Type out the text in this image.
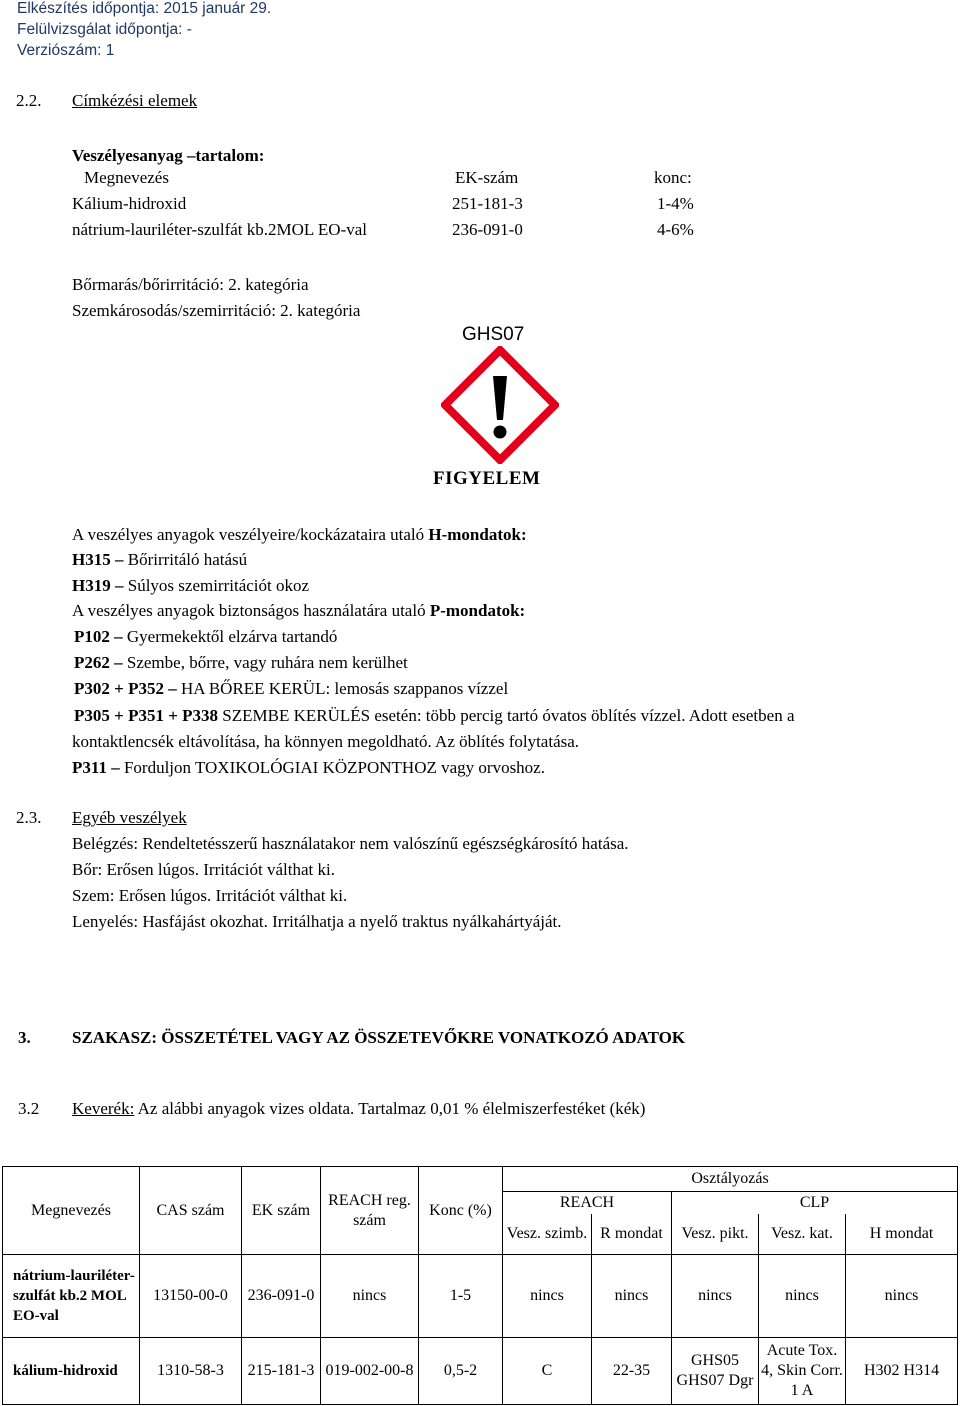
Elkészítés időpontja: 2015 január 29.
Felülvizsgálat időpontja: -
Verziószám: 1
2.2. Címkézési elemek
Veszélyesanyag –tartalom:
Megnevezés	EK-szám	konc:
Kálium-hidroxid	251-181-3	1-4%
nátrium-lauriléter-szulfát kb.2MOL EO-val	236-091-0	4-6%
Bőrmarás/bőrirritáció: 2. kategória
Szemkárosodás/szemirritáció: 2. kategória
GHS07
FIGYELEM
A veszélyes anyagok veszélyeire/kockázataira utaló H-mondatok:
H315 – Bőrirritáló hatású
H319 – Súlyos szemirritációt okoz
A veszélyes anyagok biztonságos használatára utaló P-mondatok:
P102 – Gyermekektől elzárva tartandó
P262 – Szembe, bőrre, vagy ruhára nem kerülhet
P302 + P352 – HA BŐREE KERÜL: lemosás szappanos vízzel
P305 + P351 + P338 SZEMBE KERÜLÉS esetén: több percig tartó óvatos öblítés vízzel. Adott esetben a
kontaktlencsék eltávolítása, ha könnyen megoldható. Az öblítés folytatása.
P311 – Forduljon TOXIKOLÓGIAI KÖZPONTHOZ vagy orvoshoz.
2.3. Egyéb veszélyek
Belégzés: Rendeltetésszerű használatakor nem valószínű egészségkárosító hatása.
Bőr: Erősen lúgos. Irritációt válthat ki.
Szem: Erősen lúgos. Irritációt válthat ki.
Lenyelés: Hasfájást okozhat. Irritálhatja a nyelő traktus nyálkahártyáját.
3. SZAKASZ: ÖSSZETÉTEL VAGY AZ ÖSSZETEVŐKRE VONATKOZÓ ADATOK
3.2 Keverék: Az alábbi anyagok vizes oldata. Tartalmaz 0,01 % élelmiszerfestéket (kék)
Megnevezés	CAS szám	EK szám	REACH reg. szám	Konc (%)	Osztályozás				
					REACH		CLP		
					Vesz. szimb.	R mondat	Vesz. pikt.	Vesz. kat.	H mondat
nátrium-lauriléter-szulfát kb.2 MOL EO-val	13150-00-0	236-091-0	nincs	1-5	nincs	nincs	nincs	nincs	nincs
kálium-hidroxid	1310-58-3	215-181-3	019-002-00-8	0,5-2	C	22-35	GHS05 GHS07 Dgr	Acute Tox. 4, Skin Corr. 1 A	H302 H314
